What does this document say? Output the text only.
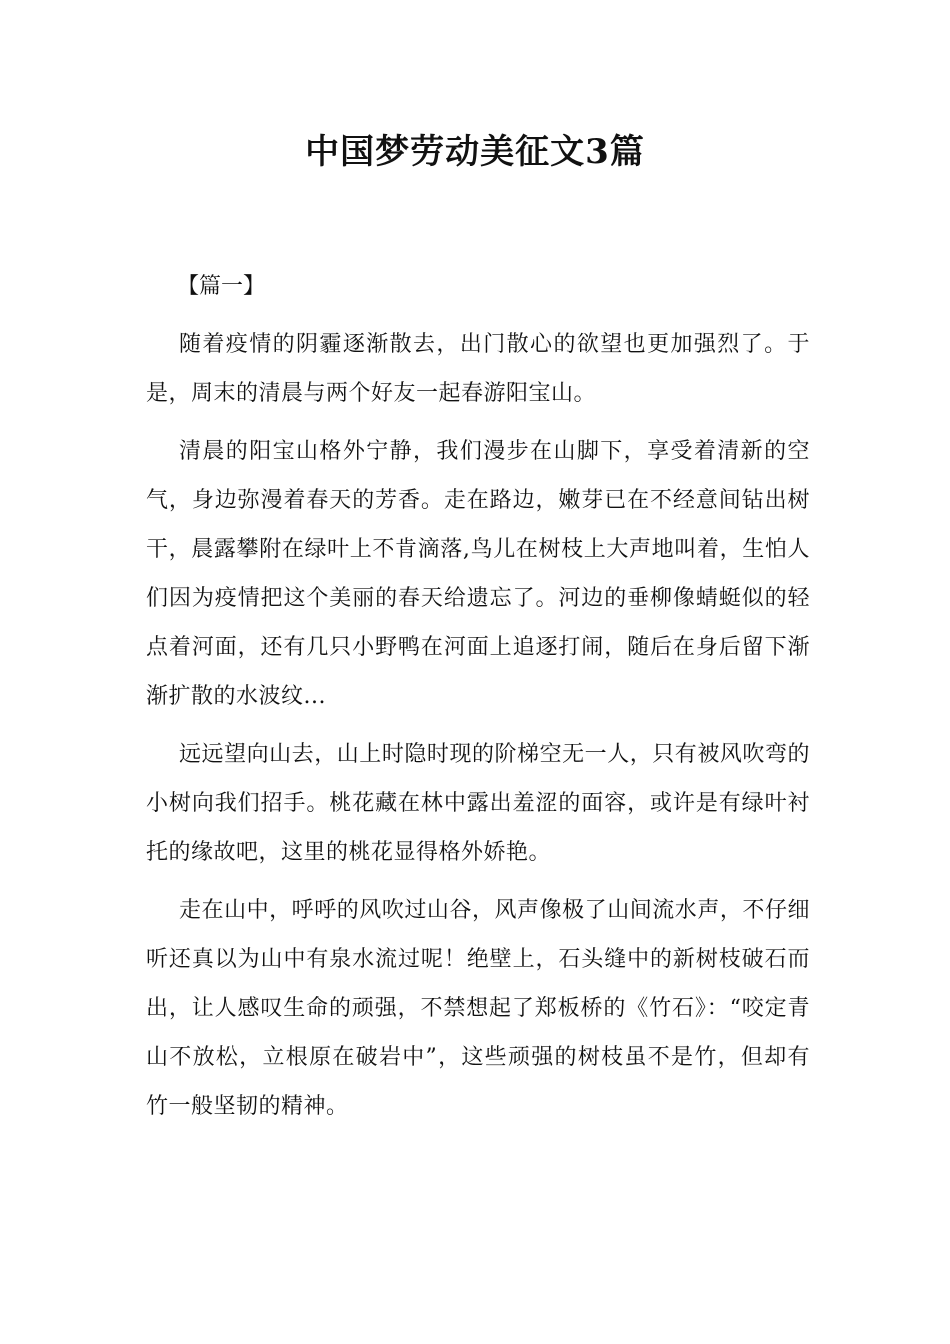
中国梦劳动美征文3篇

【篇一】

随着疫情的阴霾逐渐散去，出门散心的欲望也更加强烈了。于是，周末的清晨与两个好友一起春游阳宝山。

清晨的阳宝山格外宁静，我们漫步在山脚下，享受着清新的空气，身边弥漫着春天的芳香。走在路边，嫩芽已在不经意间钻出树干，晨露攀附在绿叶上不肯滴落,鸟儿在树枝上大声地叫着，生怕人们因为疫情把这个美丽的春天给遗忘了。河边的垂柳像蜻蜓似的轻点着河面，还有几只小野鸭在河面上追逐打闹，随后在身后留下渐渐扩散的水波纹...

远远望向山去，山上时隐时现的阶梯空无一人，只有被风吹弯的小树向我们招手。桃花藏在林中露出羞涩的面容，或许是有绿叶衬托的缘故吧，这里的桃花显得格外娇艳。

走在山中，呼呼的风吹过山谷，风声像极了山间流水声，不仔细听还真以为山中有泉水流过呢！绝壁上，石头缝中的新树枝破石而出，让人感叹生命的顽强，不禁想起了郑板桥的《竹石》：“咬定青山不放松，立根原在破岩中”，这些顽强的树枝虽不是竹，但却有竹一般坚韧的精神。
